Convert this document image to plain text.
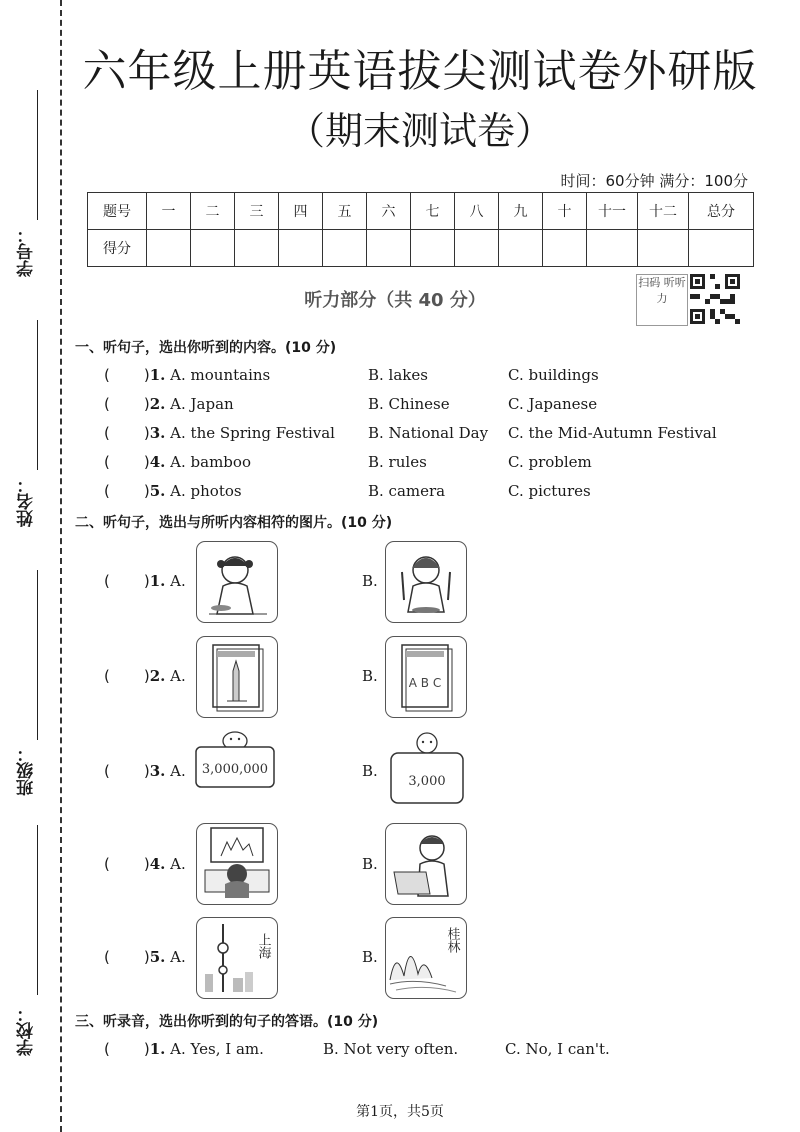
学号：
姓名：
班级：
学校：
六年级上册英语拔尖测试卷外研版
（期末测试卷）
时间：60分钟 满分：100分
题号	一	二	三	四	五	六	七	八	九	十	十一	十二	总分
得分													
听力部分（共 40 分）
扫码 听听力
一、听句子，选出你听到的内容。(10 分)
( )1. A. mountains	B. lakes	C. buildings
( )2. A. Japan	B. Chinese	C. Japanese
( )3. A. the Spring Festival B. National Day C. the Mid-Autumn Festival
( )4. A. bamboo	B. rules	C. problem
( )5. A. photos	B. camera	C. pictures
二、听句子，选出与所听内容相符的图片。(10 分)
( )1. A.	B.
( )2. A.	B.	A B C
( )3. A. 3,000,000	B.
3,000
( )4. A.	B.
( )5. A.	上海	B.
桂林
三、听录音，选出你听到的句子的答语。(10 分)
( )1. A. Yes, I am.	B. Not very often.	C. No, I can't.
第1页，共5页
